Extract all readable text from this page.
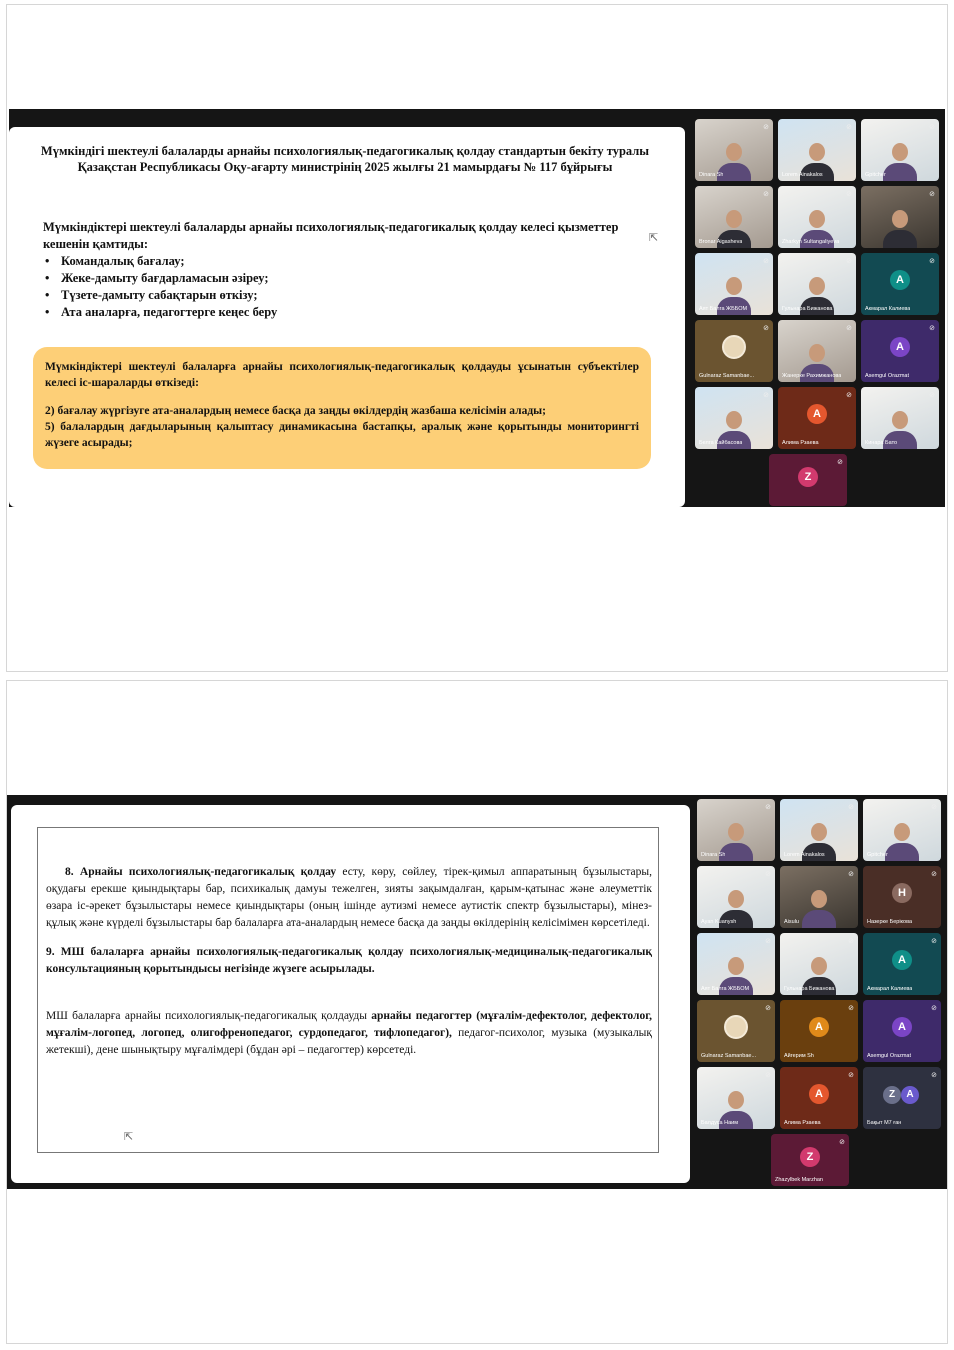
Мүмкіндігі шектеулі балаларды арнайы психологиялық-педагогикалық қолдау стандартын бекіту туралы
Қазақстан Республикасы Оқу-ағарту министрінің 2025 жылғы 21 мамырдағы № 117 бұйрығы
Мүмкіндіктері шектеулі балаларды арнайы психологиялық-педагогикалық қолдау келесі қызметтер кешенін қамтиды:
• Командалық бағалау;
• Жеке-дамыту бағдарламасын әзіреу;
• Түзете-дамыту сабақтарын өткізу;
• Ата аналарға, педагогтерге кеңес беру
⇱

Мүмкіндіктері шектеулі балаларға арнайы психологиялық-педагогикалық қолдауды ұсынатын субъектілер келесі іс-шараларды өткізеді:

2) бағалау жүргізуге ата-аналардың немесе басқа да заңды өкілдердің жазбаша келісімін алады;

5) балалардың дағдыларының қалыптасу динамикасына бастапқы, аралық және қорытынды мониторингті жүзеге асырады;

⊘
Dinara Sh
⊘
Lorem Ainakalos
⊘
Gpitcher
⊘
Bronar Aigasheva
⊘
Zharkyn Sultangaliyeva
⊘
⊘
Аят Балга ЖББОМ
⊘
Гульнара Бижанова
A
⊘
Акмарал Калиева
⊘
Gulnaraz Samanbae...
⊘
Жанерке Рахимжанова
A
⊘
Asemgul Orazmat
⊘
Белга Кайбасова
A
⊘
Алима Рзаева
⊘
Кинара Бато
Z
⊘

8. Арнайы психологиялық-педагогикалық қолдау есту, көру, сөйлеу, тірек-қимыл аппаратының бұзылыстары, оқудағы ерекше қиындықтары бар, психикалық дамуы тежелген, зияты зақымдалған, қарым-қатынас және әлеуметтік өзара іс-әрекет бұзылыстары немесе қиындықтары (оның ішінде аутизмі немесе аутистік спектр бұзылыстары), мінез-құлық және күрделі бұзылыстары бар балаларға ата-аналардың немесе басқа да заңды өкілдерінің келісімімен көрсетіледі.

9. МШ балаларға арнайы психологиялық-педагогикалық қолдау психологиялық-медициналық-педагогикалық консультацияның қорытындысы негізінде жүзеге асырылады.

МШ балаларға арнайы психологиялық-педагогикалық қолдауды арнайы педагогтер (мұғалім-дефектолог, дефектолог, мұғалім-логопед, логопед, олигофренопедагог, сурдопедагог, тифлопедагог), педагог-психолог, музыка (музыкалық жетекші), дене шынықтыру мұғалімдері (бұдан әрі – педагогтер) көрсетеді.

⇱
⊘
Dinara Sh
⊘
Lorem Ainakalos
⊘
Gpitcher
⊘
Ayan Kuanysh
⊘
Aisulu
H
⊘
Назерке Берікова
⊘
Аят Балга ЖББОМ
⊘
Гульнара Бижанова
A
⊘
Акмарал Калиева
⊘
Gulnaraz Samanbae...
A
⊘
Айгерим Sh
A
⊘
Asemgul Orazmat
⊘
Балдуса Наим
A
⊘
Алима Рзаева
Z A
⊘
Бақыт М7 ған
Z
⊘
Zhazylbek Marzhan
